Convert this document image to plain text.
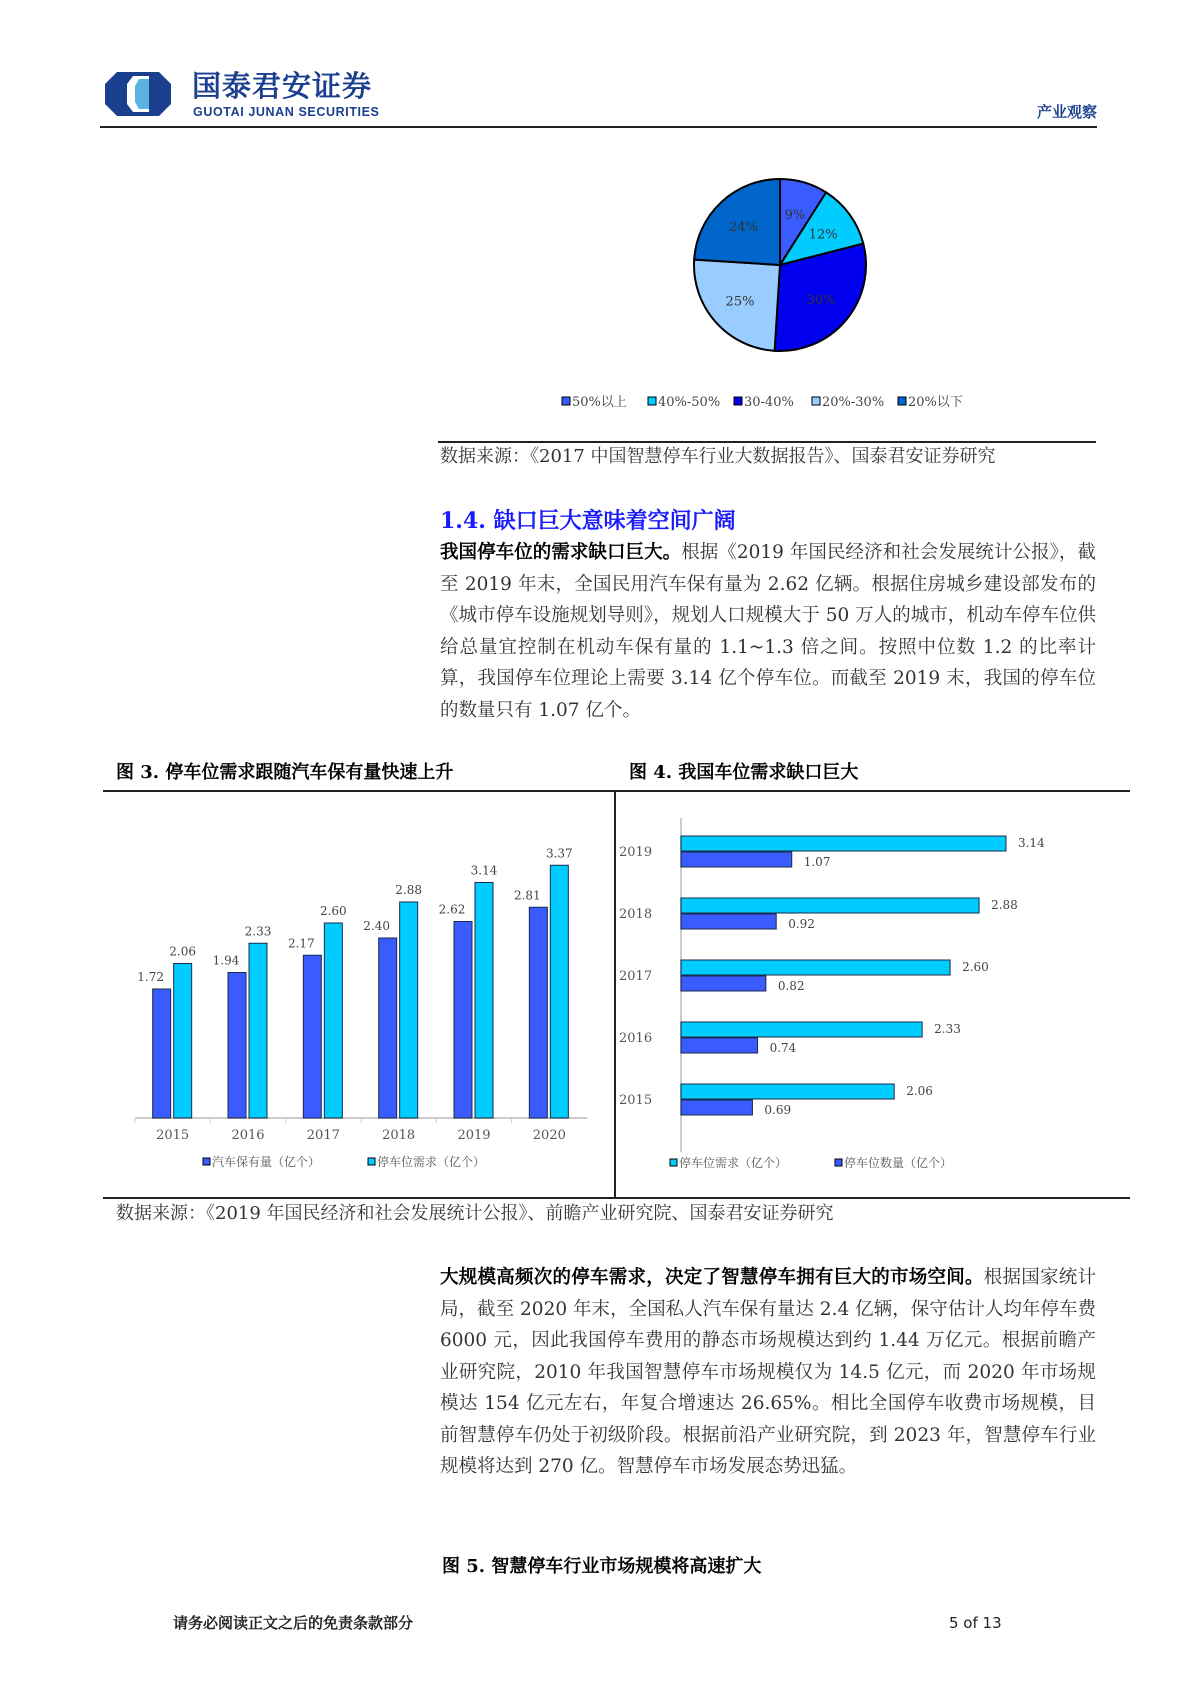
国泰君安证券
GUOTAI JUNAN SECURITIES	产业观察
9%
12%
30%
25%
24%
50%以上 40%-50% 30-40% 20%-30% 20%以下
数据来源：《2017 中国智慧停车行业大数据报告》、国泰君安证券研究
1.4. 缺口巨大意味着空间广阔
我国停车位的需求缺口巨大。根据《2019 年国民经济和社会发展统计公报》，截至 2019 年末，全国民用汽车保有量为 2.62 亿辆。根据住房城乡建设部发布的《城市停车设施规划导则》，规划人口规模大于 50 万人的城市，机动车停车位供给总量宜控制在机动车保有量的 1.1~1.3 倍之间。按照中位数 1.2 的比率计算，我国停车位理论上需要 3.14 亿个停车位。而截至 2019 末，我国的停车位的数量只有 1.07 亿个。
图 3. 停车位需求跟随汽车保有量快速上升	图 4. 我国车位需求缺口巨大
1.72
2.06
2015
1.94
2.33
2016
2.17
2.60
2017
2.40
2.88
2018
2.62
3.14
2019
2.81
3.37
2020
汽车保有量（亿个）	停车位需求（亿个）
3.14
1.07
2019
2.88
0.92
2018
2.60
0.82
2017
2.33
0.74
2016
2.06
0.69
2015
停车位需求（亿个）	停车位数量（亿个）
数据来源：《2019 年国民经济和社会发展统计公报》、前瞻产业研究院、国泰君安证券研究
大规模高频次的停车需求，决定了智慧停车拥有巨大的市场空间。根据国家统计局，截至 2020 年末，全国私人汽车保有量达 2.4 亿辆，保守估计人均年停车费 6000 元，因此我国停车费用的静态市场规模达到约 1.44 万亿元。根据前瞻产业研究院，2010 年我国智慧停车市场规模仅为 14.5 亿元，而 2020 年市场规模达 154 亿元左右，年复合增速达 26.65%。相比全国停车收费市场规模，目前智慧停车仍处于初级阶段。根据前沿产业研究院，到 2023 年，智慧停车行业规模将达到 270 亿。智慧停车市场发展态势迅猛。
图 5. 智慧停车行业市场规模将高速扩大
请务必阅读正文之后的免责条款部分	5 of 13
